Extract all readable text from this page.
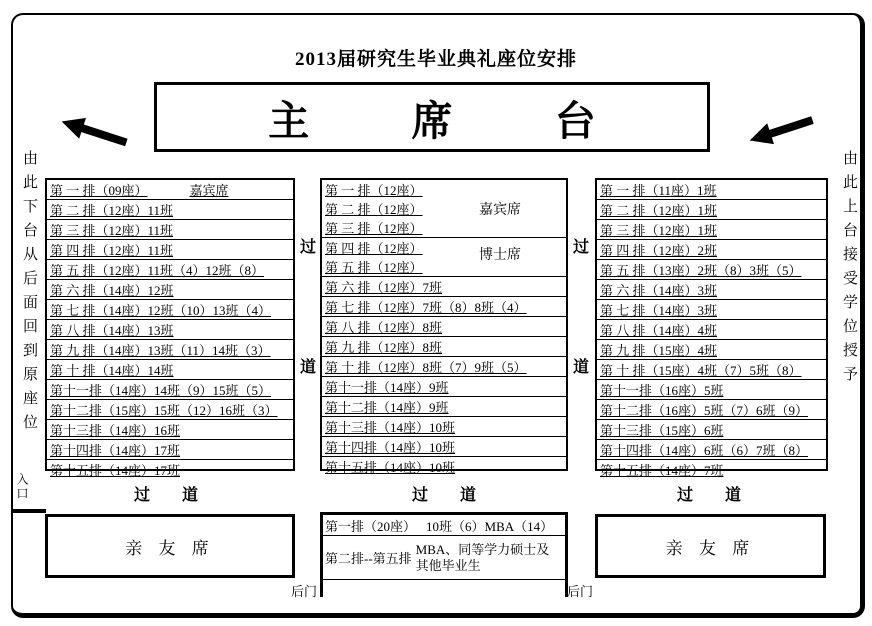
2013届研究生毕业典礼座位安排
主 席 台
由此下台从后面回到原座位	由此上台接受学位授予
第 一 排（09座）	嘉宾席
第 二 排（12座）11班
第 三 排（12座）11班
第 四 排（12座）11班
第 五 排（12座）11班（4）12班（8）
第 六 排（14座）12班
第 七 排（14座）12班（10）13班（4）
第 八 排（14座）13班
第 九 排（14座）13班（11）14班（3）
第 十 排（14座）14班
第十一排（14座）14班（9）15班（5）
第十二排（15座）15班（12）16班（3）
第十三排（14座）16班
第十四排（14座）17班
第十五排（14座）17班
过
道
嘉宾席
博士席
第 一 排（12座）
第 二 排（12座）
第 三 排（12座）
第 四 排（12座）
第 五 排（12座）
第 六 排（12座）7班
第 七 排（12座）7班（8）8班（4）
第 八 排（12座）8班
第 九 排（12座）8班
第 十 排（12座）8班（7）9班（5）
第十一排（14座）9班
第十二排（14座）9班
第十三排（14座）10班
第十四排（14座）10班
第十五排（14座）10班
过
道
第 一 排（11座）1班
第 二 排（12座）1班
第 三 排（12座）1班
第 四 排（12座）2班
第 五 排（13座）2班（8）3班（5）
第 六 排（14座）3班
第 七 排（14座）3班
第 八 排（14座）4班
第 九 排（15座）4班
第 十 排（15座）4班（7）5班（8）
第十一排（16座）5班
第十二排（16座）5班（7）6班（9）
第十三排（15座）6班
第十四排（14座）6班（6）7班（8）
第十五排（14座）7班
入口	过 道	过 道	过 道
亲 友 席
第一排（20座） 10班（6）MBA（14）
第二排--第五排
MBA、同等学力硕士及其他毕业生
亲 友 席
后门	后门
